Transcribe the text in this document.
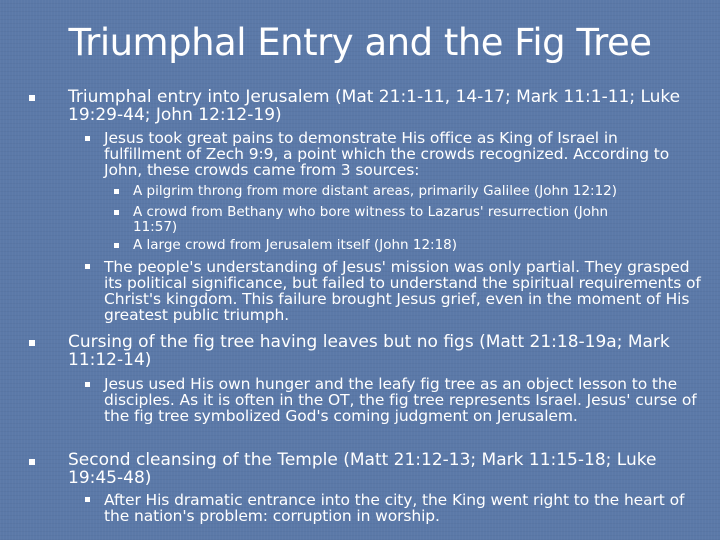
Triumphal Entry and the Fig Tree
Triumphal entry into Jerusalem (Mat 21:1-11, 14-17; Mark 11:1-11; Luke 19:29-44; John 12:12-19)
Jesus took great pains to demonstrate His office as King of Israel in fulfillment of Zech 9:9, a point which the crowds recognized. According to John, these crowds came from 3 sources:
A pilgrim throng from more distant areas, primarily Galilee (John 12:12)
A crowd from Bethany who bore witness to Lazarus' resurrection (John 11:57)
A large crowd from Jerusalem itself (John 12:18)
The people's understanding of Jesus' mission was only partial. They grasped its political significance, but failed to understand the spiritual requirements of Christ's kingdom. This failure brought Jesus grief, even in the moment of His greatest public triumph.
Cursing of the fig tree having leaves but no figs (Matt 21:18-19a; Mark 11:12-14)
Jesus used His own hunger and the leafy fig tree as an object lesson to the disciples. As it is often in the OT, the fig tree represents Israel. Jesus' curse of the fig tree symbolized God's coming judgment on Jerusalem.
Second cleansing of the Temple (Matt 21:12-13; Mark 11:15-18; Luke 19:45-48)
After His dramatic entrance into the city, the King went right to the heart of the nation's problem: corruption in worship.
